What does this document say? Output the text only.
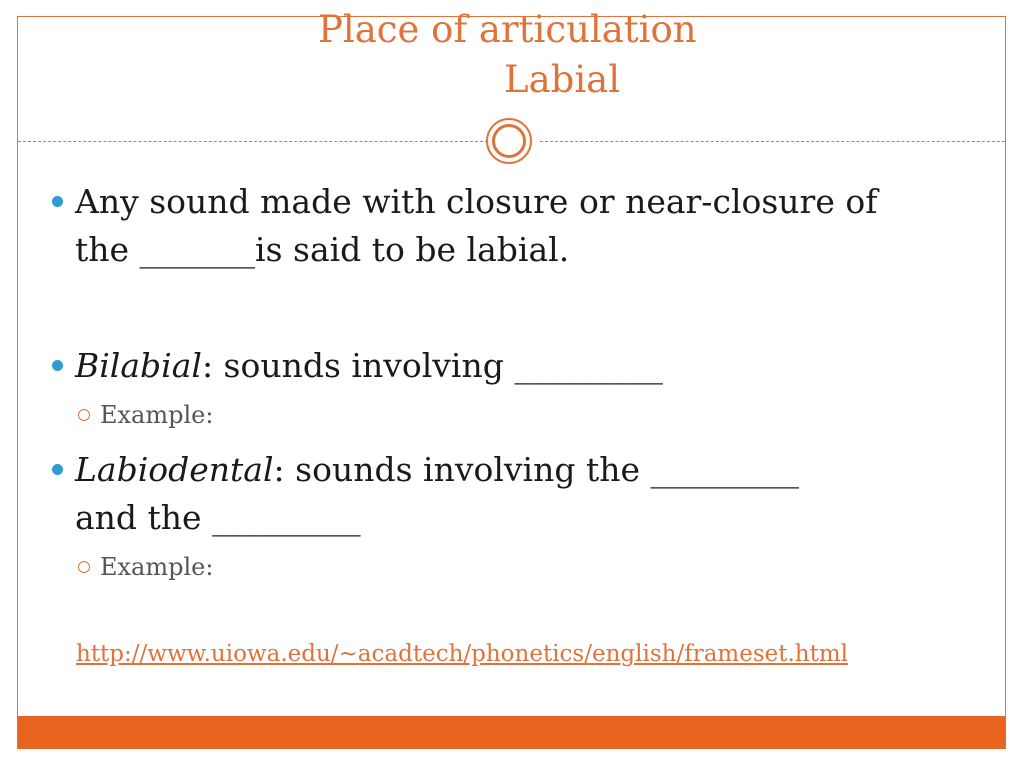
Place of articulation
Labial
Any sound made with closure or near-closure of
the _______is said to be labial.
Bilabial: sounds involving _________
Example:
Labiodental: sounds involving the _________
and the _________
Example:
http://www.uiowa.edu/~acadtech/phonetics/english/frameset.html
